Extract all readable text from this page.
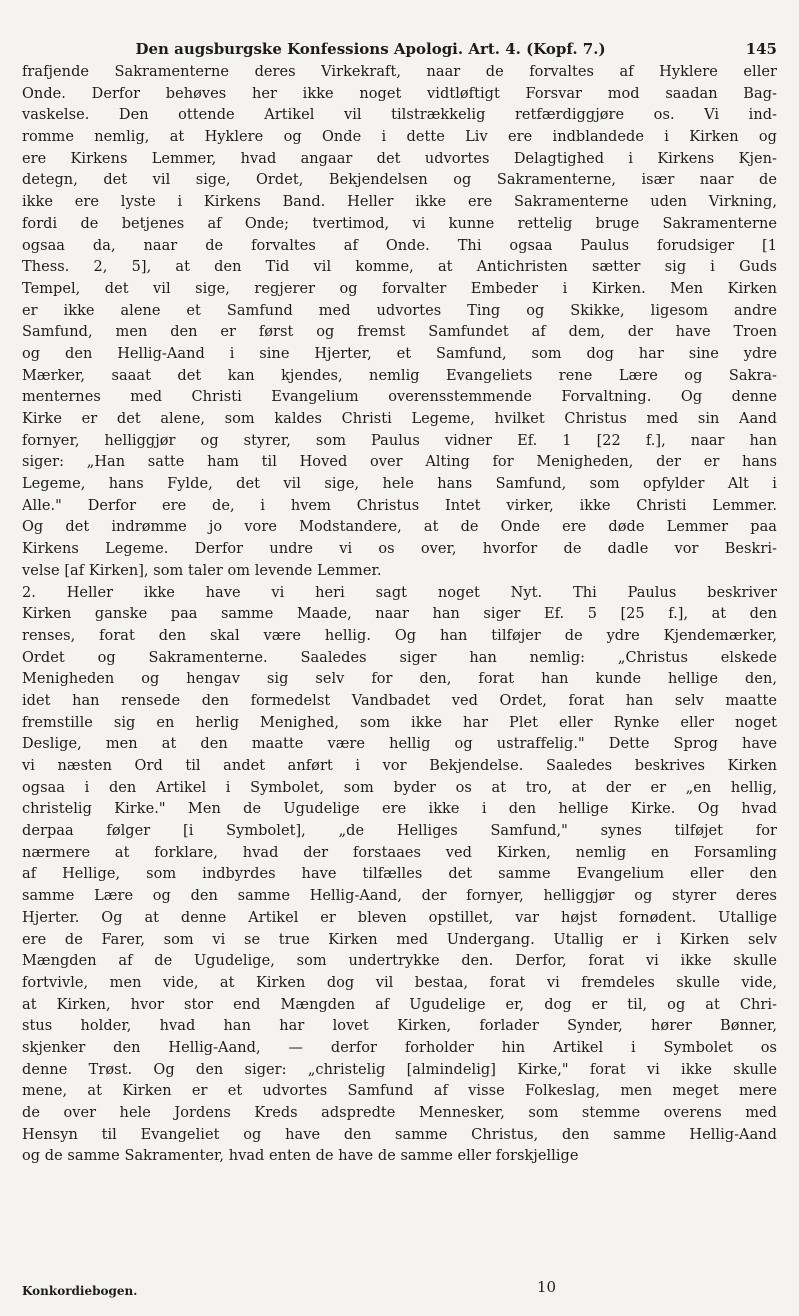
Den augsburgske Konfessions Apologi. Art. 4. (Kopf. 7.)	145
frafjende Sakramenterne deres Virkekraft, naar de forvaltes af Hyklere eller
Onde. Derfor behøves her ikke noget vidtløftigt Forsvar mod saadan Bag-
vaskelse. Den ottende Artikel vil tilstrækkelig retfærdiggjøre os. Vi ind-
romme nemlig, at Hyklere og Onde i dette Liv ere indblandede i Kirken og
ere Kirkens Lemmer, hvad angaar det udvortes Delagtighed i Kirkens Kjen-
detegn, det vil sige, Ordet, Bekjendelsen og Sakramenterne, især naar de
ikke ere lyste i Kirkens Band. Heller ikke ere Sakramenterne uden Virkning,
fordi de betjenes af Onde; tvertimod, vi kunne rettelig bruge Sakramenterne
ogsaa da, naar de forvaltes af Onde. Thi ogsaa Paulus forudsiger [1
Thess. 2, 5], at den Tid vil komme, at Antichristen sætter sig i Guds
Tempel, det vil sige, regjerer og forvalter Embeder i Kirken. Men Kirken
er ikke alene et Samfund med udvortes Ting og Skikke, ligesom andre
Samfund, men den er først og fremst Samfundet af dem, der have Troen
og den Hellig-Aand i sine Hjerter, et Samfund, som dog har sine ydre
Mærker, saaat det kan kjendes, nemlig Evangeliets rene Lære og Sakra-
menternes med Christi Evangelium overensstemmende Forvaltning. Og denne
Kirke er det alene, som kaldes Christi Legeme, hvilket Christus med sin Aand
fornyer, helliggjør og styrer, som Paulus vidner Ef. 1 [22 f.], naar han
siger: „Han satte ham til Hoved over Alting for Menigheden, der er hans
Legeme, hans Fylde, det vil sige, hele hans Samfund, som opfylder Alt i
Alle." Derfor ere de, i hvem Christus Intet virker, ikke Christi Lemmer.
Og det indrømme jo vore Modstandere, at de Onde ere døde Lemmer paa
Kirkens Legeme. Derfor undre vi os over, hvorfor de dadle vor Beskri-
velse [af Kirken], som taler om levende Lemmer.
2. Heller ikke have vi heri sagt noget Nyt. Thi Paulus beskriver
Kirken ganske paa samme Maade, naar han siger Ef. 5 [25 f.], at den
renses, forat den skal være hellig. Og han tilføjer de ydre Kjendemærker,
Ordet og Sakramenterne. Saaledes siger han nemlig: „Christus elskede
Menigheden og hengav sig selv for den, forat han kunde hellige den,
idet han rensede den formedelst Vandbadet ved Ordet, forat han selv maatte
fremstille sig en herlig Menighed, som ikke har Plet eller Rynke eller noget
Deslige, men at den maatte være hellig og ustraffelig." Dette Sprog have
vi næsten Ord til andet anført i vor Bekjendelse. Saaledes beskrives Kirken
ogsaa i den Artikel i Symbolet, som byder os at tro, at der er „en hellig,
christelig Kirke." Men de Ugudelige ere ikke i den hellige Kirke. Og hvad
derpaa følger [i Symbolet], „de Helliges Samfund," synes tilføjet for
nærmere at forklare, hvad der forstaaes ved Kirken, nemlig en Forsamling
af Hellige, som indbyrdes have tilfælles det samme Evangelium eller den
samme Lære og den samme Hellig-Aand, der fornyer, helliggjør og styrer deres
Hjerter. Og at denne Artikel er bleven opstillet, var højst fornødent. Utallige
ere de Farer, som vi se true Kirken med Undergang. Utallig er i Kirken selv
Mængden af de Ugudelige, som undertrykke den. Derfor, forat vi ikke skulle
fortvivle, men vide, at Kirken dog vil bestaa, forat vi fremdeles skulle vide,
at Kirken, hvor stor end Mængden af Ugudelige er, dog er til, og at Chri-
stus holder, hvad han har lovet Kirken, forlader Synder, hører Bønner,
skjenker den Hellig-Aand, — derfor forholder hin Artikel i Symbolet os
denne Trøst. Og den siger: „christelig [almindelig] Kirke," forat vi ikke skulle
mene, at Kirken er et udvortes Samfund af visse Folkeslag, men meget mere
de over hele Jordens Kreds adspredte Mennesker, som stemme overens med
Hensyn til Evangeliet og have den samme Christus, den samme Hellig-Aand
og de samme Sakramenter, hvad enten de have de samme eller forskjellige
Konkordiebogen.	10
